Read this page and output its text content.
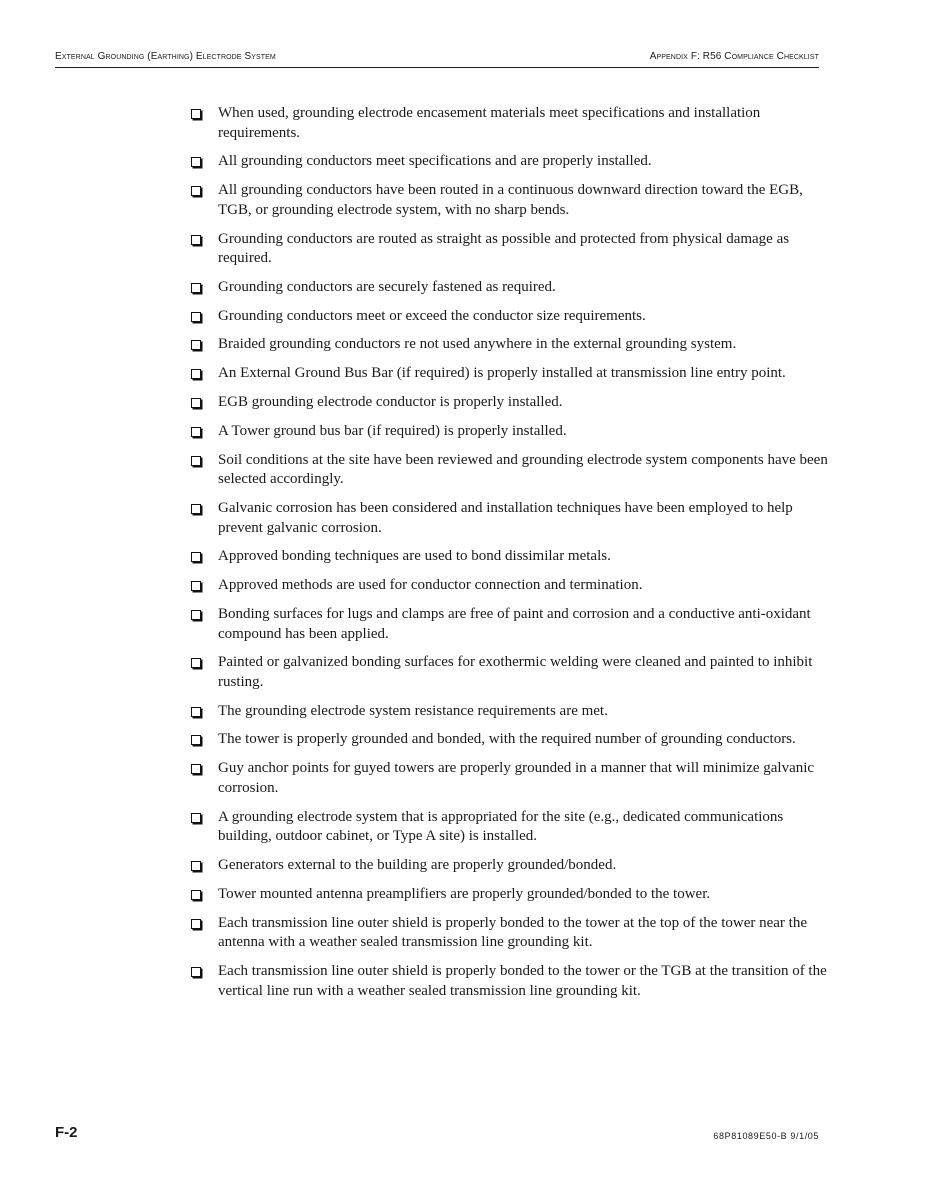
External Grounding (Earthing) Electrode System	Appendix F: R56 Compliance Checklist
When used, grounding electrode encasement materials meet specifications and installation requirements.
All grounding conductors meet specifications and are properly installed.
All grounding conductors have been routed in a continuous downward direction toward the EGB, TGB, or grounding electrode system, with no sharp bends.
Grounding conductors are routed as straight as possible and protected from physical damage as required.
Grounding conductors are securely fastened as required.
Grounding conductors meet or exceed the conductor size requirements.
Braided grounding conductors re not used anywhere in the external grounding system.
An External Ground Bus Bar (if required) is properly installed at transmission line entry point.
EGB grounding electrode conductor is properly installed.
A Tower ground bus bar (if required) is properly installed.
Soil conditions at the site have been reviewed and grounding electrode system components have been selected accordingly.
Galvanic corrosion has been considered and installation techniques have been employed to help prevent galvanic corrosion.
Approved bonding techniques are used to bond dissimilar metals.
Approved methods are used for conductor connection and termination.
Bonding surfaces for lugs and clamps are free of paint and corrosion and a conductive anti-oxidant compound has been applied.
Painted or galvanized bonding surfaces for exothermic welding were cleaned and painted to inhibit rusting.
The grounding electrode system resistance requirements are met.
The tower is properly grounded and bonded, with the required number of grounding conductors.
Guy anchor points for guyed towers are properly grounded in a manner that will minimize galvanic corrosion.
A grounding electrode system that is appropriated for the site (e.g., dedicated communications building, outdoor cabinet, or Type A site) is installed.
Generators external to the building are properly grounded/bonded.
Tower mounted antenna preamplifiers are properly grounded/bonded to the tower.
Each transmission line outer shield is properly bonded to the tower at the top of the tower near the antenna with a weather sealed transmission line grounding kit.
Each transmission line outer shield is properly bonded to the tower or the TGB at the transition of the vertical line run with a weather sealed transmission line grounding kit.
F-2	68P81089E50-B 9/1/05
